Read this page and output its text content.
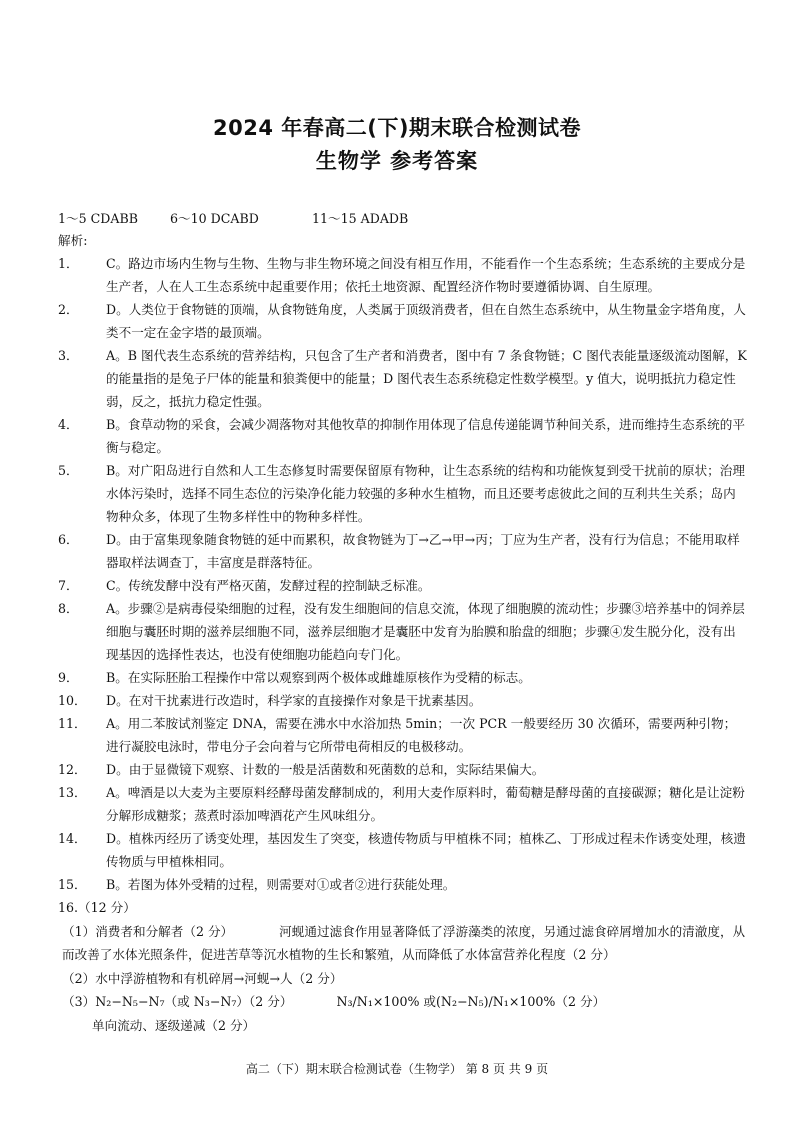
2024 年春高二(下)期末联合检测试卷
生物学 参考答案
1～5 CDABB	6～10 DCABD	11～15 ADADB
解析:
1． C。路边市场内生物与生物、生物与非生物环境之间没有相互作用，不能看作一个生态系统；生态系统的主要成分是生产者，人在人工生态系统中起重要作用；依托土地资源、配置经济作物时要遵循协调、自生原理。
2． D。人类位于食物链的顶端，从食物链角度，人类属于顶级消费者，但在自然生态系统中，从生物量金字塔角度，人类不一定在金字塔的最顶端。
3． A。B 图代表生态系统的营养结构，只包含了生产者和消费者，图中有 7 条食物链；C 图代表能量逐级流动图解，K 的能量指的是兔子尸体的能量和狼粪便中的能量；D 图代表生态系统稳定性数学模型。y 值大，说明抵抗力稳定性弱，反之，抵抗力稳定性强。
4． B。食草动物的采食，会减少凋落物对其他牧草的抑制作用体现了信息传递能调节种间关系，进而维持生态系统的平衡与稳定。
5． B。对广阳岛进行自然和人工生态修复时需要保留原有物种，让生态系统的结构和功能恢复到受干扰前的原状；治理水体污染时，选择不同生态位的污染净化能力较强的多种水生植物，而且还要考虑彼此之间的互利共生关系；岛内物种众多，体现了生物多样性中的物种多样性。
6． D。由于富集现象随食物链的延中而累积，故食物链为丁→乙→甲→丙；丁应为生产者，没有行为信息；不能用取样器取样法调查丁，丰富度是群落特征。
7． C。传统发酵中没有严格灭菌，发酵过程的控制缺乏标准。
8． A。步骤②是病毒侵染细胞的过程，没有发生细胞间的信息交流，体现了细胞膜的流动性；步骤③培养基中的饲养层细胞与囊胚时期的滋养层细胞不同，滋养层细胞才是囊胚中发育为胎膜和胎盘的细胞；步骤④发生脱分化，没有出现基因的选择性表达，也没有使细胞功能趋向专门化。
9． B。在实际胚胎工程操作中常以观察到两个极体或雌雄原核作为受精的标志。
10． D。在对干扰素进行改造时，科学家的直接操作对象是干扰素基因。
11． A。用二苯胺试剂鉴定 DNA，需要在沸水中水浴加热 5min；一次 PCR 一般要经历 30 次循环，需要两种引物；进行凝胶电泳时，带电分子会向着与它所带电荷相反的电极移动。
12． D。由于显微镜下观察、计数的一般是活菌数和死菌数的总和，实际结果偏大。
13． A。啤酒是以大麦为主要原料经酵母菌发酵制成的，利用大麦作原料时，葡萄糖是酵母菌的直接碳源；糖化是让淀粉分解形成糖浆；蒸煮时添加啤酒花产生风味组分。
14． D。植株丙经历了诱变处理，基因发生了突变，核遗传物质与甲植株不同；植株乙、丁形成过程未作诱变处理，核遗传物质与甲植株相同。
15． B。若图为体外受精的过程，则需要对①或者②进行获能处理。
16.（12 分）
（1）消费者和分解者（2 分）	河蚬通过滤食作用显著降低了浮游藻类的浓度，另通过滤食碎屑增加水的清澈度，从而改善了水体光照条件，促进苦草等沉水植物的生长和繁殖，从而降低了水体富营养化程度（2 分）
（2）水中浮游植物和有机碎屑→河蚬→人（2 分）
（3）N₂−N₅−N₇（或 N₃−N₇）（2 分）	N₃/N₁×100% 或(N₂−N₅)/N₁×100%（2 分）
单向流动、逐级递减（2 分）
高二（下）期末联合检测试卷（生物学） 第 8 页 共 9 页
